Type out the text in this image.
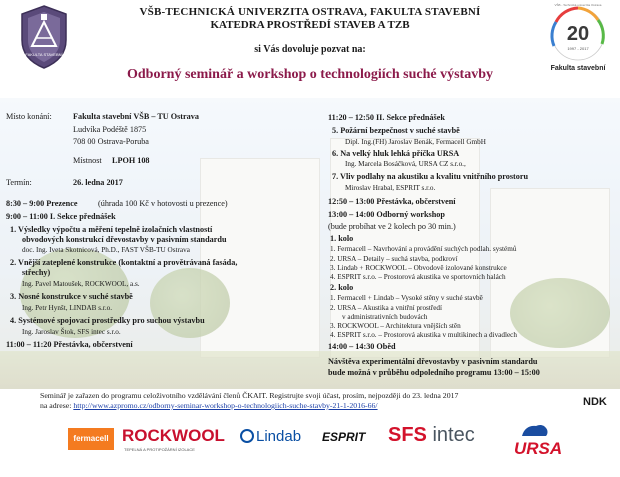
FAKULTA STAVEBNÍ
VŠB-TECHNICKÁ UNIVERZITA OSTRAVA, FAKULTA STAVEBNÍ
KATEDRA PROSTŘEDÍ STAVEB A TZB
si Vás dovoluje pozvat na:
20
1997 - 2017
VŠB - Technická univerzita Ostrava
Fakulta stavební
Odborný seminář a workshop o technologiích suché výstavby
Místo konání:	Fakulta stavební VŠB – TU Ostrava
Ludvíka Podéště 1875
708 00 Ostrava-Poruba
Místnost LPOH 108
Termín:	26. ledna 2017
8:30 – 9:00 Prezence	(úhrada 100 Kč v hotovosti u prezence)
9:00 – 11:00 I. Sekce přednášek
1. Výsledky výpočtu a měření tepelně izolačních vlastností
obvodových konstrukcí dřevostavby v pasivním standardu
doc. Ing. Iveta Skotnicová, Ph.D., FAST VŠB-TU Ostrava
2. Vnější zateplené konstrukce (kontaktní a provětrávaná fasáda,
střechy)
Ing. Pavel Matoušek, ROCKWOOL, a.s.
3. Nosné konstrukce v suché stavbě
Ing. Petr Hynšt, LINDAB s.r.o.
4. Systémové spojovací prostředky pro suchou výstavbu
Ing. Jaroslav Štok, SFS intec s.r.o.
11:00 – 11:20 Přestávka, občerstvení
11:20 – 12:50 II. Sekce přednášek
5. Požární bezpečnost v suché stavbě
Dipl. Ing.(FH) Jaroslav Benák, Fermacell GmbH
6. Na velký hluk lehká příčka URSA
Ing. Marcela Bosáčková, URSA CZ s.r.o.,
7. Vliv podlahy na akustiku a kvalitu vnitřního prostoru
Miroslav Hrabal, ESPRIT s.r.o.
12:50 – 13:00 Přestávka, občerstvení
13:00 – 14:00 Odborný workshop
(bude probíhat ve 2 kolech po 30 min.)
1. kolo
1. Fermacell – Navrhování a provádění suchých podlah. systémů
2. URSA – Detaily – suchá stavba, podkroví
3. Lindab + ROCKWOOL – Obvodově izolované konstrukce
4. ESPRIT s.r.o. – Prostorová akustika ve sportovních halách
2. kolo
1. Fermacell + Lindab – Vysoké stěny v suché stavbě
2. URSA – Akustika a vnitřní prostředí
v administrativních budovách
3. ROCKWOOL – Architektura vnějších stěn
4. ESPRIT s.r.o. – Prostorová akustika v multikinech a divadlech
14:00 – 14:30 Oběd
Návštěva experimentální dřevostavby v pasivním standardu
bude možná v průběhu odpoledního programu 13:00 – 15:00
Seminář je zařazen do programu celoživotního vzdělávání členů ČKAIT. Registrujte svoji účast, prosím, nejpozději do 23. ledna 2017
na adrese: http://www.azpromo.cz/odborny-seminar-workshop-o-technologiich-suche-stavby-21-1-2016-66/	NDK
fermacell ROCKWOOL
TEPELNÁ A PROTIPOŽÁRNÍ IZOLACE
Lindab ESPRIT SFS intec
URSA
